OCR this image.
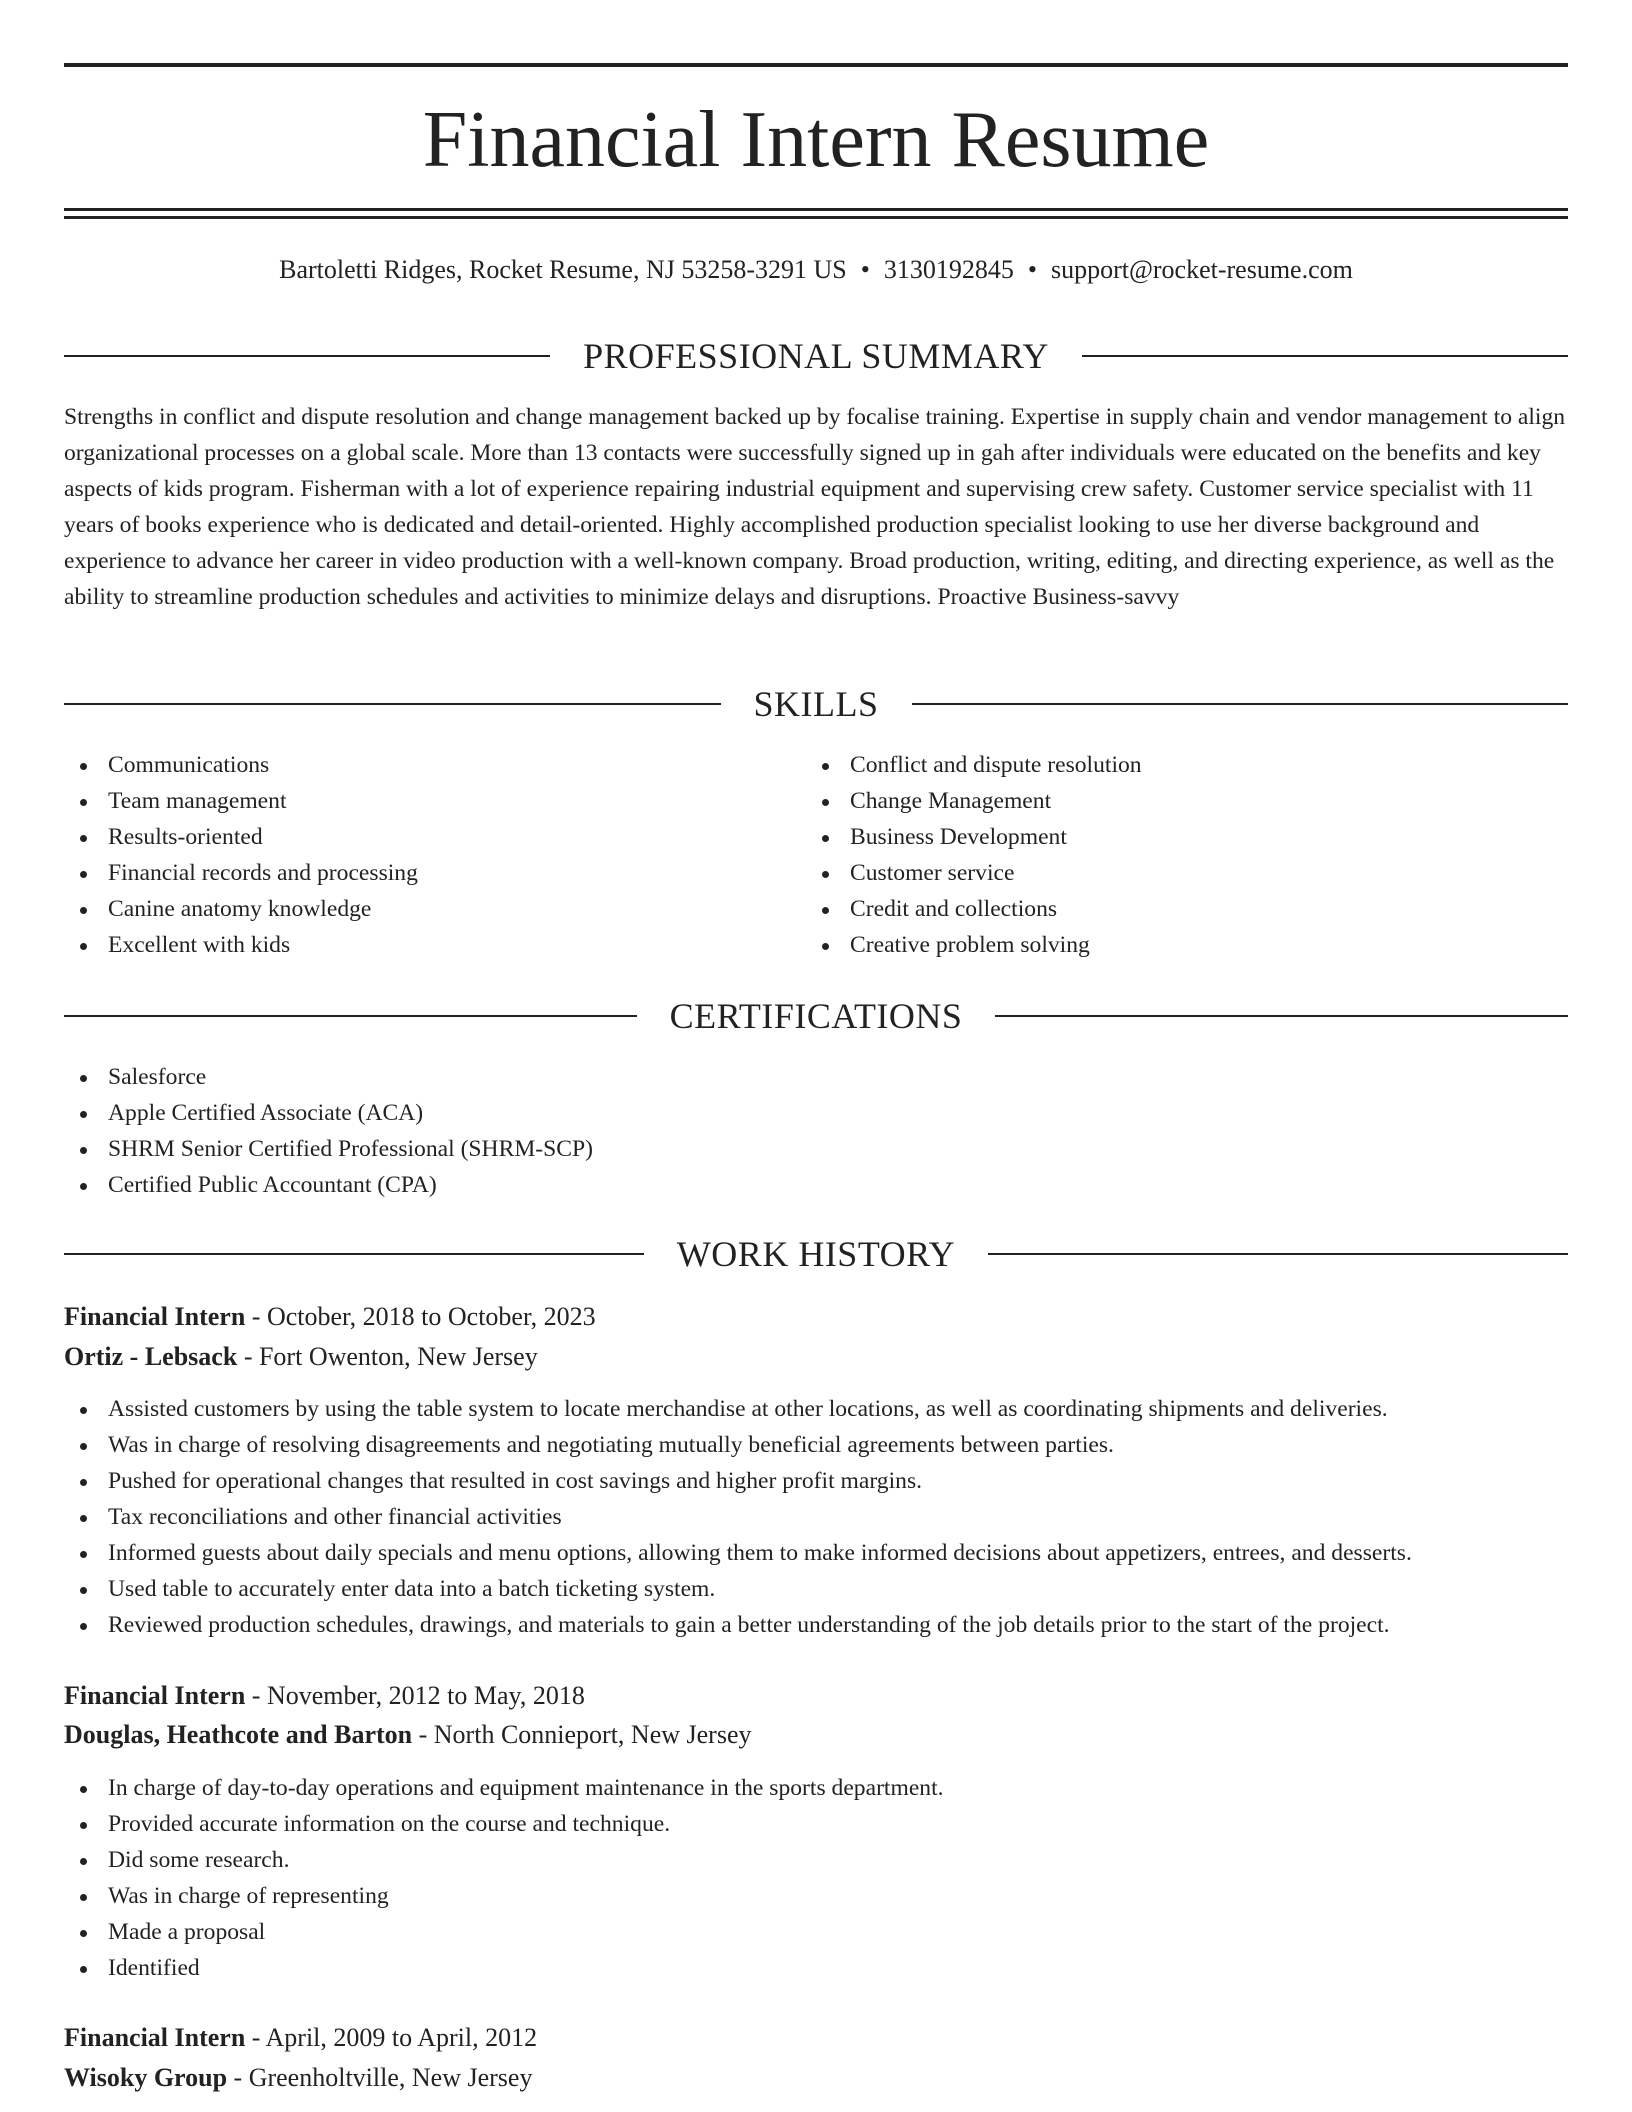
Financial Intern Resume
Bartoletti Ridges, Rocket Resume, NJ 53258-3291 US • 3130192845 • support@rocket-resume.com
PROFESSIONAL SUMMARY
Strengths in conflict and dispute resolution and change management backed up by focalise training. Expertise in supply chain and vendor management to align organizational processes on a global scale. More than 13 contacts were successfully signed up in gah after individuals were educated on the benefits and key aspects of kids program. Fisherman with a lot of experience repairing industrial equipment and supervising crew safety. Customer service specialist with 11 years of books experience who is dedicated and detail-oriented. Highly accomplished production specialist looking to use her diverse background and experience to advance her career in video production with a well-known company. Broad production, writing, editing, and directing experience, as well as the ability to streamline production schedules and activities to minimize delays and disruptions. Proactive Business-savvy
SKILLS
Communications
Team management
Results-oriented
Financial records and processing
Canine anatomy knowledge
Excellent with kids
Conflict and dispute resolution
Change Management
Business Development
Customer service
Credit and collections
Creative problem solving
CERTIFICATIONS
Salesforce
Apple Certified Associate (ACA)
SHRM Senior Certified Professional (SHRM-SCP)
Certified Public Accountant (CPA)
WORK HISTORY
Financial Intern - October, 2018 to October, 2023
Ortiz - Lebsack - Fort Owenton, New Jersey
Assisted customers by using the table system to locate merchandise at other locations, as well as coordinating shipments and deliveries.
Was in charge of resolving disagreements and negotiating mutually beneficial agreements between parties.
Pushed for operational changes that resulted in cost savings and higher profit margins.
Tax reconciliations and other financial activities
Informed guests about daily specials and menu options, allowing them to make informed decisions about appetizers, entrees, and desserts.
Used table to accurately enter data into a batch ticketing system.
Reviewed production schedules, drawings, and materials to gain a better understanding of the job details prior to the start of the project.
Financial Intern - November, 2012 to May, 2018
Douglas, Heathcote and Barton - North Connieport, New Jersey
In charge of day-to-day operations and equipment maintenance in the sports department.
Provided accurate information on the course and technique.
Did some research.
Was in charge of representing
Made a proposal
Identified
Financial Intern - April, 2009 to April, 2012
Wisoky Group - Greenholtville, New Jersey
